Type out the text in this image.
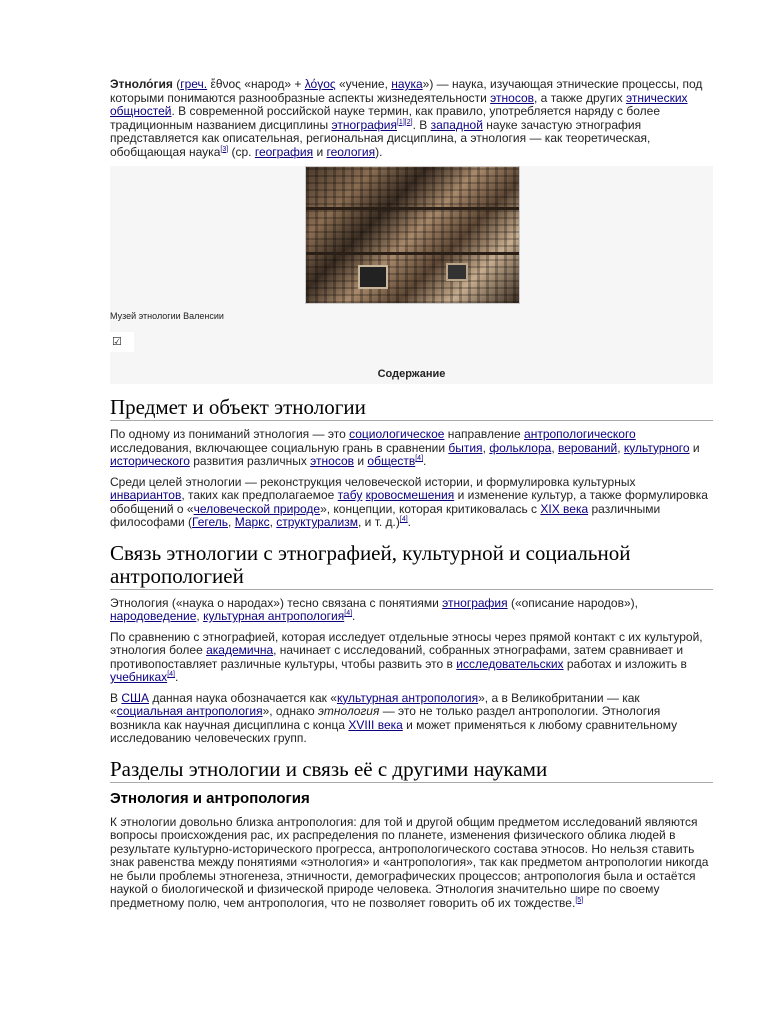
Этноло́гия (греч. ἔθνος «народ» + λόγος «учение, наука») — наука, изучающая этнические процессы, под которыми понимаются разнообразные аспекты жизнедеятельности этносов, а также других этнических общностей. В современной российской науке термин, как правило, употребляется наряду с более традиционным названием дисциплины этнография[1][2]. В западной науке зачастую этнография представляется как описательная, региональная дисциплина, а этнология — как теоретическая, обобщающая наука[3] (ср. география и геология).

Музей этнологии Валенсии
☑
Содержание
Предмет и объект этнологии

По одному из пониманий этнология — это социологическое направление антропологического исследования, включающее социальную грань в сравнении бытия, фольклора, верований, культурного и исторического развития различных этносов и обществ[4].

Среди целей этнологии — реконструкция человеческой истории, и формулировка культурных инвариантов, таких как предполагаемое табу кровосмешения и изменение культур, а также формулировка обобщений о «человеческой природе», концепции, которая критиковалась с XIX века различными философами (Гегель, Маркс, структурализм, и т. д.)[4].

Связь этнологии с этнографией, культурной и социальной антропологией

Этнология («наука о народах») тесно связана с понятиями этнография («описание народов»), народоведение, культурная антропология[4].

По сравнению с этнографией, которая исследует отдельные этносы через прямой контакт с их культурой, этнология более академична, начинает с исследований, собранных этнографами, затем сравнивает и противопоставляет различные культуры, чтобы развить это в исследовательских работах и изложить в учебниках[4].

В США данная наука обозначается как «культурная антропология», а в Великобритании — как «социальная антропология», однако этнология — это не только раздел антропологии. Этнология возникла как научная дисциплина с конца XVIII века и может применяться к любому сравнительному исследованию человеческих групп.

Разделы этнологии и связь её с другими науками
Этнология и антропология

К этнологии довольно близка антропология: для той и другой общим предметом исследований являются вопросы происхождения рас, их распределения по планете, изменения физического облика людей в результате культурно-исторического прогресса, антропологического состава этносов. Но нельзя ставить знак равенства между понятиями «этнология» и «антропология», так как предметом антропологии никогда не были проблемы этногенеза, этничности, демографических процессов; антропология была и остаётся наукой о биологической и физической природе человека. Этнология значительно шире по своему предметному полю, чем антропология, что не позволяет говорить об их тождестве.[5]
